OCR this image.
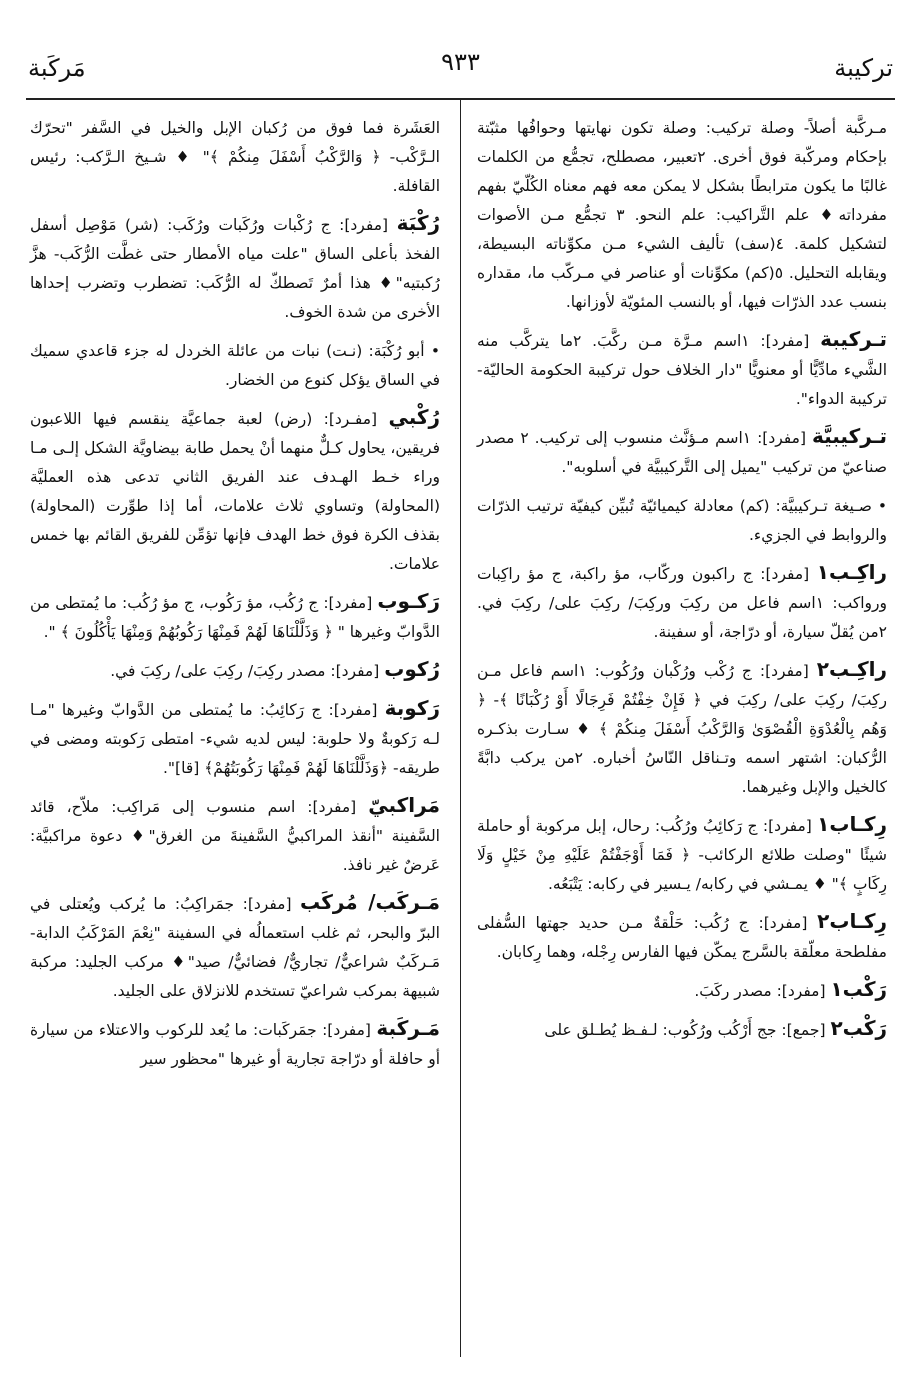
تركيبة
٩٣٣
مَركَبة

مـركَّبة أصلاً- وصلة تركيب: وصلة تكون نهايتها وحوافُها مثبّتة بإحكام ومركّبة فوق أخرى. ٢تعبير، مصطلح، تجمُّع من الكلمات غالبًا ما يكون مترابطًا بشكل لا يمكن معه فهم معناه الكُلّيّ بفهم مفرداته♦ علم التَّراكيب: علم النحو. ٣ تجمُّع مـن الأصوات لتشكيل كلمة. ٤(سف) تأليف الشيء مـن مكوِّناته البسيطة، ويقابله التحليل. ٥(كم) مكوِّنات أو عناصر في مـركّب ما، مقداره بنسب عدد الذرّات فيها، أو بالنسب المئويّة لأوزانها.

تـركيبة [مفرد]: ١اسم مـرَّة مـن ركَّبَ. ٢ما يتركَّب منه الشَّيء مادِّيًّا أو معنويًّا "دار الخلاف حول تركيبة الحكومة الحاليّة- تركيبة الدواء".

تـركيبيَّة [مفرد]: ١اسم مـؤنَّث منسوب إلى تركيب. ٢ مصدر صناعيّ من تركيب "يميل إلى التَّركيبيَّة في أسلوبه".

• صـيغة تـركيبيَّة: (كم) معادلة كيميائيّة تُبيِّن كيفيّة ترتيب الذرّات والروابط في الجزيء.

راكِـب١ [مفرد]: ج راكبون وركّاب، مؤ راكبة، ج مؤ راكِبات ورواكب: ١اسم فاعل من ركِبَ وركِبَ/ ركِبَ على/ ركِبَ في. ٢من يُقلّ سيارة، أو درّاجة، أو سفينة.

راكِـب٢ [مفرد]: ج رُكْب ورُكْبان ورُكُوب: ١اسم فاعل مـن ركِبَ/ ركِبَ على/ ركِبَ في ﴿ فَإِنْ خِفْتُمْ فَرِجَالًا أَوْ رُكْبَانًا ﴾- ﴿ وَهُم بِالْعُدْوَةِ الْقُصْوَىٰ وَالرَّكْبُ أَسْفَلَ مِنكُمْ ﴾ ♦ سـارت بذكـره الرُّكبان: اشتهر اسمه وتـناقل النّاسُ أخباره. ٢من يركب دابَّةً كالخيل والإبل وغيرهما.

رِكـاب١ [مفرد]: ج رَكائِبُ ورُكُب: رحال، إبل مركوبة أو حاملة شيئًا "وصلت طلائع الركائب- ﴿ فَمَا أَوْجَفْتُمْ عَلَيْهِ مِنْ خَيْلٍ وَلَا رِكَابٍ ﴾" ♦ يمـشي في ركابه/ يـسير في ركابه: يَتْبَعُه.

رِكـاب٢ [مفرد]: ج رُكُب: حَلْقةٌ مـن حديد جهتها السُّفلى مفلطحة معلّقة بالسَّرج يمكّن فيها الفارس رِجْله، وهما رِكابان.

رَكْب١ [مفرد]: مصدر ركَبَ.

رَكْب٢ [جمع]: جج أَرْكُب ورُكُوب: لـفـظ يُطـلق على

العَشَرة فما فوق من رُكبان الإبل والخيل في السَّفر "تحرّك الـرَّكْب- ﴿ وَالرَّكْبُ أَسْفَلَ مِنكُمْ ﴾" ♦ شـيخ الـرَّكب: رئيس القافلة.

رُكْبَة [مفرد]: ج رُكْبات ورُكَبات ورُكَب: (شر) مَوْصِل أسفل الفخذ بأعلى الساق "علت مياه الأمطار حتى غطَّت الرُّكَب- هزَّ رُكبتيه"♦ هذا أمرٌ تَصطكّ له الرُّكَب: تضطرب وتضرب إحداها الأخرى من شدة الخوف.

• أبو رُكْبَة: (نـت) نبات من عائلة الخردل له جزء قاعدي سميك في الساق يؤكل كنوع من الخضار.

رُكْبي [مفـرد]: (رض) لعبة جماعيَّة ينقسم فيها اللاعبون فريقين، يحاول كـلٌّ منهما أنْ يحمل طابة بيضاويَّة الشكل إلـى مـا وراء خـط الهـدف عند الفريق الثاني تدعى هذه العمليَّة (المحاولة) وتساوي ثلاث علامات، أما إذا طوِّرت (المحاولة) بقذف الكرة فوق خط الهدف فإنها تؤمِّن للفريق القائم بها خمس علامات.

رَكـوب [مفرد]: ج رُكُب، مؤ رَكُوب، ج مؤ رُكُب: ما يُمتطى من الدَّوابّ وغيرها " ﴿ وَذَلَّلْنَاهَا لَهُمْ فَمِنْهَا رَكُوبُهُمْ وَمِنْهَا يَأْكُلُونَ ﴾ ".

رُكوب [مفرد]: مصدر ركِبَ/ ركِبَ على/ ركِبَ في.

رَكوبة [مفرد]: ج رَكائِبُ: ما يُمتطى من الدَّوابّ وغيرها "مـا لـه رَكوبةٌ ولا حلوبة: ليس لديه شيء- امتطى رَكوبته ومضى في طريقه- ﴿وَذَلَّلْنَاهَا لَهُمْ فَمِنْهَا رَكُوبَتُهُمْ﴾ [قا]".

مَراكبيّ [مفرد]: اسم منسوب إلى مَراكِب: ملاّح، قائد السَّفينة "أنقذ المراكبيُّ السَّفينةَ من الغرق"♦ دعوة مراكبيَّة: عَرضٌ غير نافذ.

مَـركَب/ مُركَب [مفرد]: جمَراكِبُ: ما يُركب ويُعتلى في البرّ والبحر، ثم غلب استعمالُه في السفينة "نِعْمَ المَرْكَبُ الدابة- مَـركَبٌ شراعيٌّ/ تجاريٌّ/ فضائيٌّ/ صيد"♦ مركب الجليد: مركبة شبيهة بمركب شراعيّ تستخدم للانزلاق على الجليد.

مَـركَبة [مفرد]: جمَركَبات: ما يُعد للركوب والاعتلاء من سيارة أو حافلة أو درّاجة تجارية أو غيرها "محظور سير
